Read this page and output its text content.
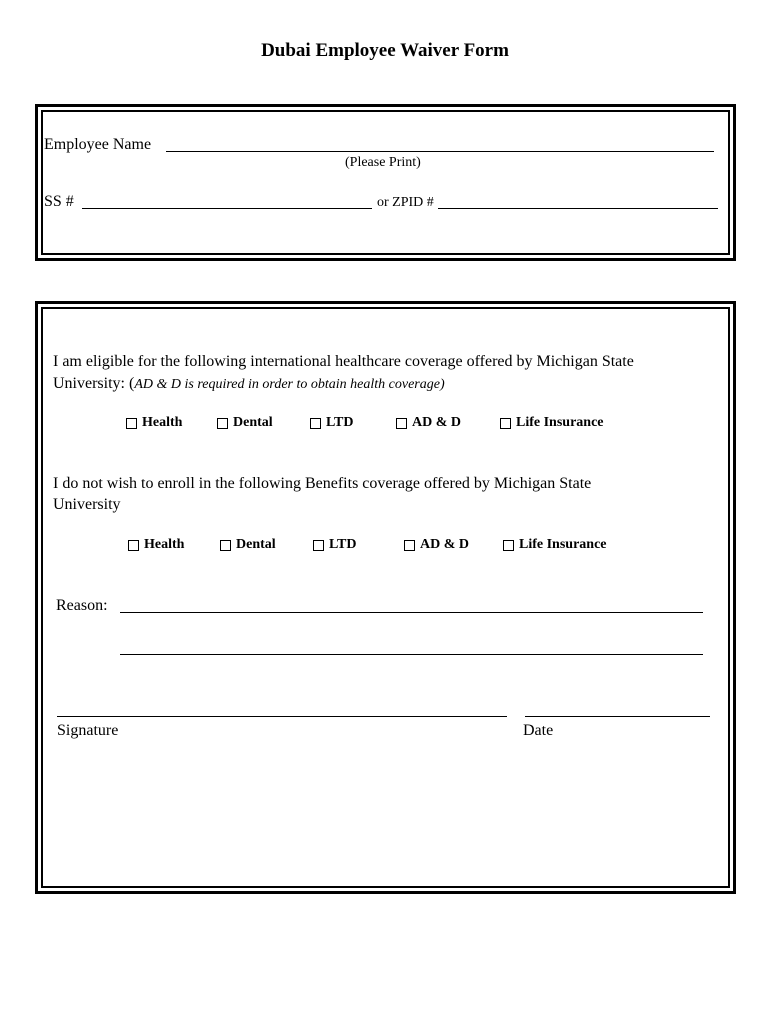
Dubai Employee Waiver Form
Employee Name
(Please Print)
SS #	or ZPID #
I am eligible for the following international healthcare coverage offered by Michigan State
University: (AD & D is required in order to obtain health coverage)
Health	Dental	LTD	AD & D	Life Insurance
I do not wish to enroll in the following Benefits coverage offered by Michigan State
University
Health	Dental	LTD	AD & D	Life Insurance
Reason:
Signature	Date
